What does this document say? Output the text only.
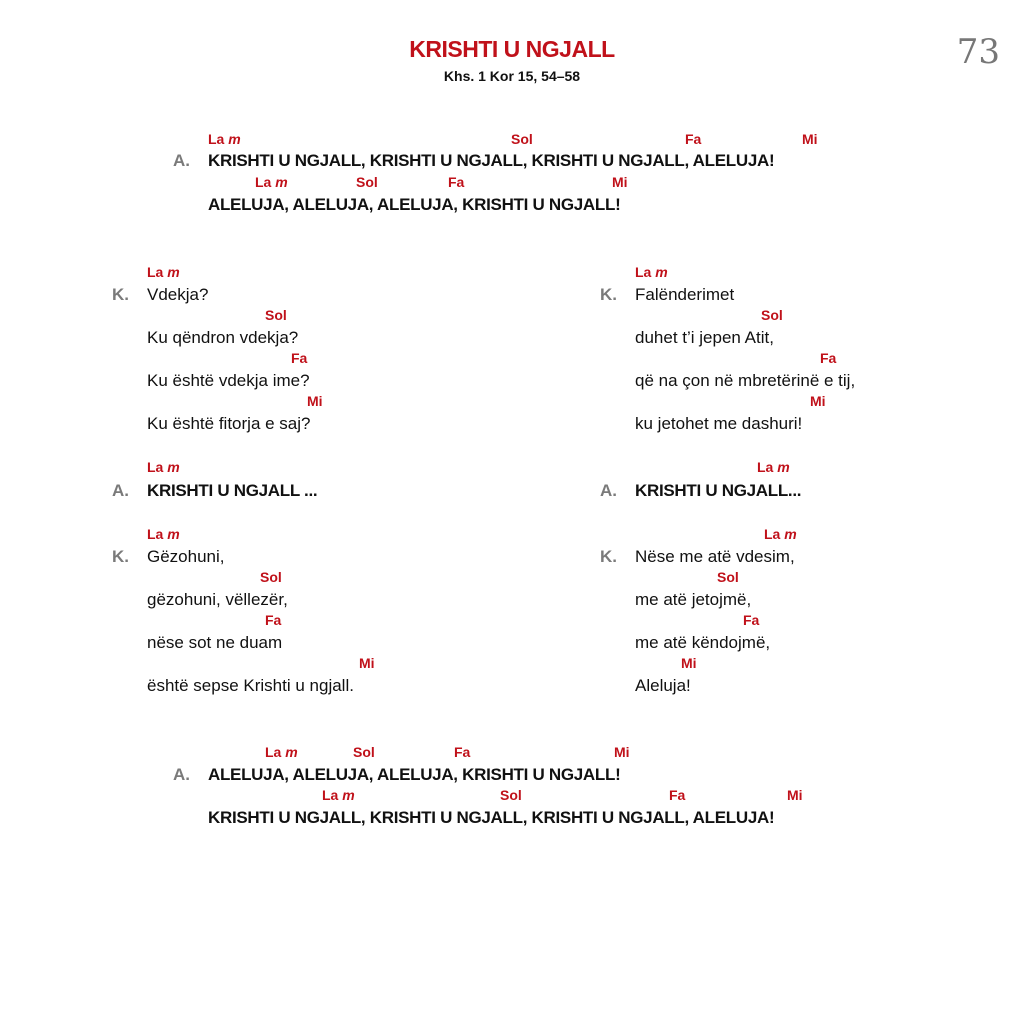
KRISHTI U NGJALL
Khs. 1 Kor 15, 54–58
73
La m	Sol	Fa	Mi
A. KRISHTI U NGJALL, KRISHTI U NGJALL, KRISHTI U NGJALL, ALELUJA!
La m	Sol	Fa	Mi
ALELUJA, ALELUJA, ALELUJA, KRISHTI U NGJALL!
La m
K. Vdekja?
Sol
Ku qëndron vdekja?
Fa
Ku është vdekja ime?
Mi
Ku është fitorja e saj?
La m
K. Falënderimet
Sol
duhet t’i jepen Atit,
Fa
që na çon në mbretërinë e tij,
Mi
ku jetohet me dashuri!
La m
A. KRISHTI U NGJALL ...
La m
A. KRISHTI U NGJALL...
La m
K. Gëzohuni,
Sol
gëzohuni, vëllezër,
Fa
nëse sot ne duam
Mi
është sepse Krishti u ngjall.
La m
K. Nëse me atë vdesim,
Sol
me atë jetojmë,
Fa
me atë këndojmë,
Mi
Aleluja!
La m	Sol	Fa	Mi
A. ALELUJA, ALELUJA, ALELUJA, KRISHTI U NGJALL!
La m	Sol	Fa	Mi
KRISHTI U NGJALL, KRISHTI U NGJALL, KRISHTI U NGJALL, ALELUJA!
